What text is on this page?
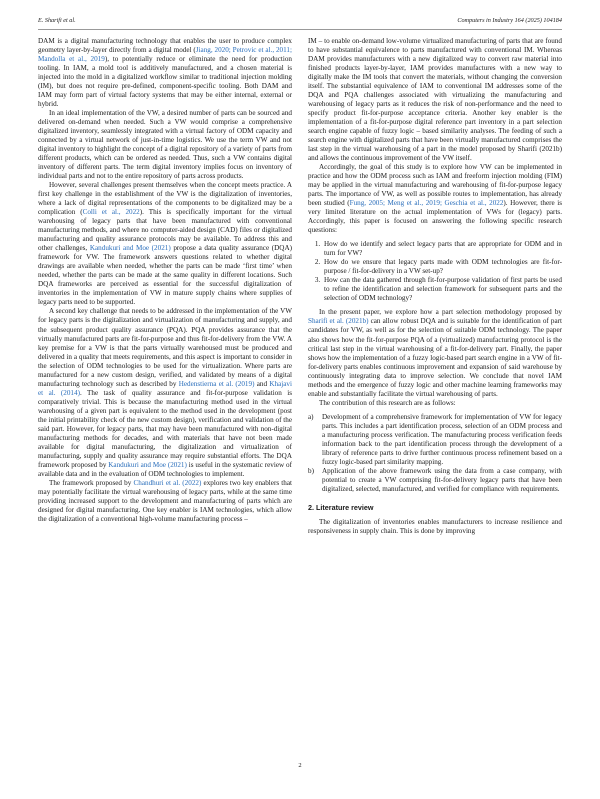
E. Sharifi et al.	Computers in Industry 164 (2025) 104184

DAM is a digital manufacturing technology that enables the user to produce complex geometry layer-by-layer directly from a digital model (Jiang, 2020; Petrovic et al., 2011; Mandolla et al., 2019), to potentially reduce or eliminate the need for production tooling. In IAM, a mold tool is additively manufactured, and a chosen material is injected into the mold in a digitalized workflow similar to traditional injection molding (IM), but does not require pre-defined, component-specific tooling. Both DAM and IAM may form part of virtual factory systems that may be either internal, external or hybrid.

In an ideal implementation of the VW, a desired number of parts can be sourced and delivered on-demand when needed. Such a VW would comprise a comprehensive digitalized inventory, seamlessly integrated with a virtual factory of ODM capacity and connected by a virtual network of just-in-time logistics. We use the term VW and not digital inventory to highlight the concept of a digital repository of a variety of parts from different products, which can be ordered as needed. Thus, such a VW contains digital inventory of different parts. The term digital inventory implies focus on inventory of individual parts and not to the entire repository of parts across products.

However, several challenges present themselves when the concept meets practice. A first key challenge in the establishment of the VW is the digitalization of inventories, where a lack of digital representations of the components to be digitalized may be a complication (Colli et al., 2022). This is specifically important for the virtual warehousing of legacy parts that have been manufactured with conventional manufacturing methods, and where no computer-aided design (CAD) files or digitalized manufacturing and quality assurance protocols may be available. To address this and other challenges, Kandukuri and Moe (2021) propose a data quality assurance (DQA) framework for VW. The framework answers questions related to whether digital drawings are available when needed, whether the parts can be made ‘first time’ when needed, whether the parts can be made at the same quality in different locations. Such DQA frameworks are perceived as essential for the successful digitalization of inventories in the implementation of VW in mature supply chains where supplies of legacy parts need to be supported.

A second key challenge that needs to be addressed in the implementation of the VW for legacy parts is the digitalization and virtualization of manufacturing and supply, and the subsequent product quality assurance (PQA). PQA provides assurance that the virtually manufactured parts are fit-for-purpose and thus fit-for-delivery from the VW. A key premise for a VW is that the parts virtually warehoused must be produced and delivered in a quality that meets requirements, and this aspect is important to consider in the selection of ODM technologies to be used for the virtualization. Where parts are manufactured for a new custom design, verified, and validated by means of a digital manufacturing technology such as described by Hedenstierna et al. (2019) and Khajavi et al. (2014). The task of quality assurance and fit-for-purpose validation is comparatively trivial. This is because the manufacturing method used in the virtual warehousing of a given part is equivalent to the method used in the development (post the initial printability check of the new custom design), verification and validation of the said part. However, for legacy parts, that may have been manufactured with non-digital manufacturing methods for decades, and with materials that have not been made available for digital manufacturing, the digitalization and virtualization of manufacturing, supply and quality assurance may require substantial efforts. The DQA framework proposed by Kandukuri and Moe (2021) is useful in the systematic review of available data and in the evaluation of ODM technologies to implement.

The framework proposed by Chandhuri et al. (2022) explores two key enablers that may potentially facilitate the virtual warehousing of legacy parts, while at the same time providing increased support to the development and manufacturing of parts which are designed for digital manufacturing. One key enabler is IAM technologies, which allow the digitalization of a conventional high-volume manufacturing process –

IM – to enable on-demand low-volume virtualized manufacturing of parts that are found to have substantial equivalence to parts manufactured with conventional IM. Whereas DAM provides manufacturers with a new digitalized way to convert raw material into finished products layer-by-layer, IAM provides manufactures with a new way to digitally make the IM tools that convert the materials, without changing the conversion itself. The substantial equivalence of IAM to conventional IM addresses some of the DQA and PQA challenges associated with virtualizing the manufacturing and warehousing of legacy parts as it reduces the risk of non-performance and the need to specify product fit-for-purpose acceptance criteria. Another key enabler is the implementation of a fit-for-purpose digital reference part inventory in a part selection search engine capable of fuzzy logic – based similarity analyses. The feeding of such a search engine with digitalized parts that have been virtually manufactured comprises the last step in the virtual warehousing of a part in the model proposed by Sharifi (2021b) and allows the continuous improvement of the VW itself.

Accordingly, the goal of this study is to explore how VW can be implemented in practice and how the ODM process such as IAM and freeform injection molding (FIM) may be applied in the virtual manufacturing and warehousing of fit-for-purpose legacy parts. The importance of VW, as well as possible routes to implementation, has already been studied (Fung, 2005; Meng et al., 2019; Geschia et al., 2022). However, there is very limited literature on the actual implementation of VWs for (legacy) parts. Accordingly, this paper is focused on answering the following specific research questions:

1. How do we identify and select legacy parts that are appropriate for ODM and in turn for VW?
2. How do we ensure that legacy parts made with ODM technologies are fit-for-purpose / fit-for-delivery in a VW set-up?
3. How can the data gathered through fit-for-purpose validation of first parts be used to refine the identification and selection framework for subsequent parts and the selection of ODM technology?

In the present paper, we explore how a part selection methodology proposed by Sharifi et al. (2021b) can allow robust DQA and is suitable for the identification of part candidates for VW, as well as for the selection of suitable ODM technology. The paper also shows how the fit-for-purpose PQA of a (virtualized) manufacturing protocol is the critical last step in the virtual warehousing of a fit-for-delivery part. Finally, the paper shows how the implementation of a fuzzy logic-based part search engine in a VW of fit-for-delivery parts enables continuous improvement and expansion of said warehouse by continuously integrating data to improve selection. We conclude that novel IAM methods and the emergence of fuzzy logic and other machine learning frameworks may enable and substantially facilitate the virtual warehousing of parts.

The contribution of this research are as follows:

a) Development of a comprehensive framework for implementation of VW for legacy parts. This includes a part identification process, selection of an ODM process and a manufacturing process verification. The manufacturing process verification feeds information back to the part identification process through the development of a library of reference parts to drive further continuous process refinement based on a fuzzy logic-based part similarity mapping.
b) Application of the above framework using the data from a case company, with potential to create a VW comprising fit-for-delivery legacy parts that have been digitalized, selected, manufactured, and verified for compliance with requirements.
2. Literature review

The digitalization of inventories enables manufacturers to increase resilience and responsiveness in supply chain. This is done by improving

2
